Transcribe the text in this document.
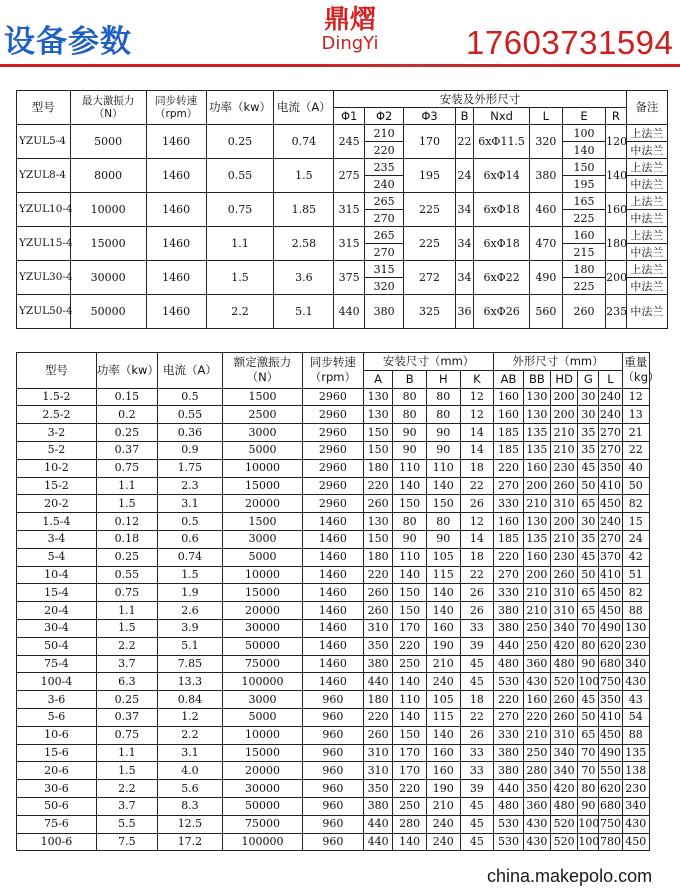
设备参数
鼎熠
DingYi	17603731594
型号	最大激振力（N）	同步转速（rpm）	功率（kw）	电流（A）	安装及外形尺寸								备注
					Φ1	Φ2	Φ3	B	Nxd	L	E	R	
YZUL5-4	5000	1460	0.25	0.74	245	210	170	22	6xΦ11.5	320	100	120	上法兰
						220					140		中法兰
YZUL8-4	8000	1460	0.55	1.5	275	235	195	24	6xΦ14	380	150	140	上法兰
						240					195		中法兰
YZUL10-4	10000	1460	0.75	1.85	315	265	225	34	6xΦ18	460	165	160	上法兰
						270					225		中法兰
YZUL15-4	15000	1460	1.1	2.58	315	265	225	34	6xΦ18	470	160	180	上法兰
						270					215		中法兰
YZUL30-4	30000	1460	1.5	3.6	375	315	272	34	6xΦ22	490	180	200	上法兰
						320					225		中法兰
YZUL50-4	50000	1460	2.2	5.1	440	380	325	36	6xΦ26	560	260	235	中法兰
型号	功率（kw）	电流（A）	额定激振力（N）	同步转速（rpm）	安装尺寸（mm）				外形尺寸（mm）					重量（kg）
					A	B	H	K	AB	BB	HD	G	L	
1.5-2	0.15	0.5	1500	2960	130	80	80	12	160	130	200	30	240	12
2.5-2	0.2	0.55	2500	2960	130	80	80	12	160	130	200	30	240	13
3-2	0.25	0.36	3000	2960	150	90	90	14	185	135	210	35	270	21
5-2	0.37	0.9	5000	2960	150	90	90	14	185	135	210	35	270	22
10-2	0.75	1.75	10000	2960	180	110	110	18	220	160	230	45	350	40
15-2	1.1	2.3	15000	2960	220	140	140	22	270	200	260	50	410	50
20-2	1.5	3.1	20000	2960	260	150	150	26	330	210	310	65	450	82
1.5-4	0.12	0.5	1500	1460	130	80	80	12	160	130	200	30	240	15
3-4	0.18	0.6	3000	1460	150	90	90	14	185	135	210	35	270	24
5-4	0.25	0.74	5000	1460	180	110	105	18	220	160	230	45	370	42
10-4	0.55	1.5	10000	1460	220	140	115	22	270	200	260	50	410	51
15-4	0.75	1.9	15000	1460	260	150	140	26	330	210	310	65	450	82
20-4	1.1	2.6	20000	1460	260	150	140	26	380	210	310	65	450	88
30-4	1.5	3.9	30000	1460	310	170	160	33	380	250	340	70	490	130
50-4	2.2	5.1	50000	1460	350	220	190	39	440	250	420	80	620	230
75-4	3.7	7.85	75000	1460	380	250	210	45	480	360	480	90	680	340
100-4	6.3	13.3	100000	1460	440	140	240	45	530	430	520	100	750	430
3-6	0.25	0.84	3000	960	180	110	105	18	220	160	260	45	350	43
5-6	0.37	1.2	5000	960	220	140	115	22	270	220	260	50	410	54
10-6	0.75	2.2	10000	960	260	150	140	26	330	210	310	65	450	88
15-6	1.1	3.1	15000	960	310	170	160	33	380	250	340	70	490	135
20-6	1.5	4.0	20000	960	310	170	160	33	380	280	340	70	550	138
30-6	2.2	5.6	30000	960	350	220	190	39	440	350	420	80	620	230
50-6	3.7	8.3	50000	960	380	250	210	45	480	360	480	90	680	340
75-6	5.5	12.5	75000	960	440	280	240	45	530	430	520	100	750	430
100-6	7.5	17.2	100000	960	440	140	240	45	530	430	520	100	780	450
china.makepolo.com
